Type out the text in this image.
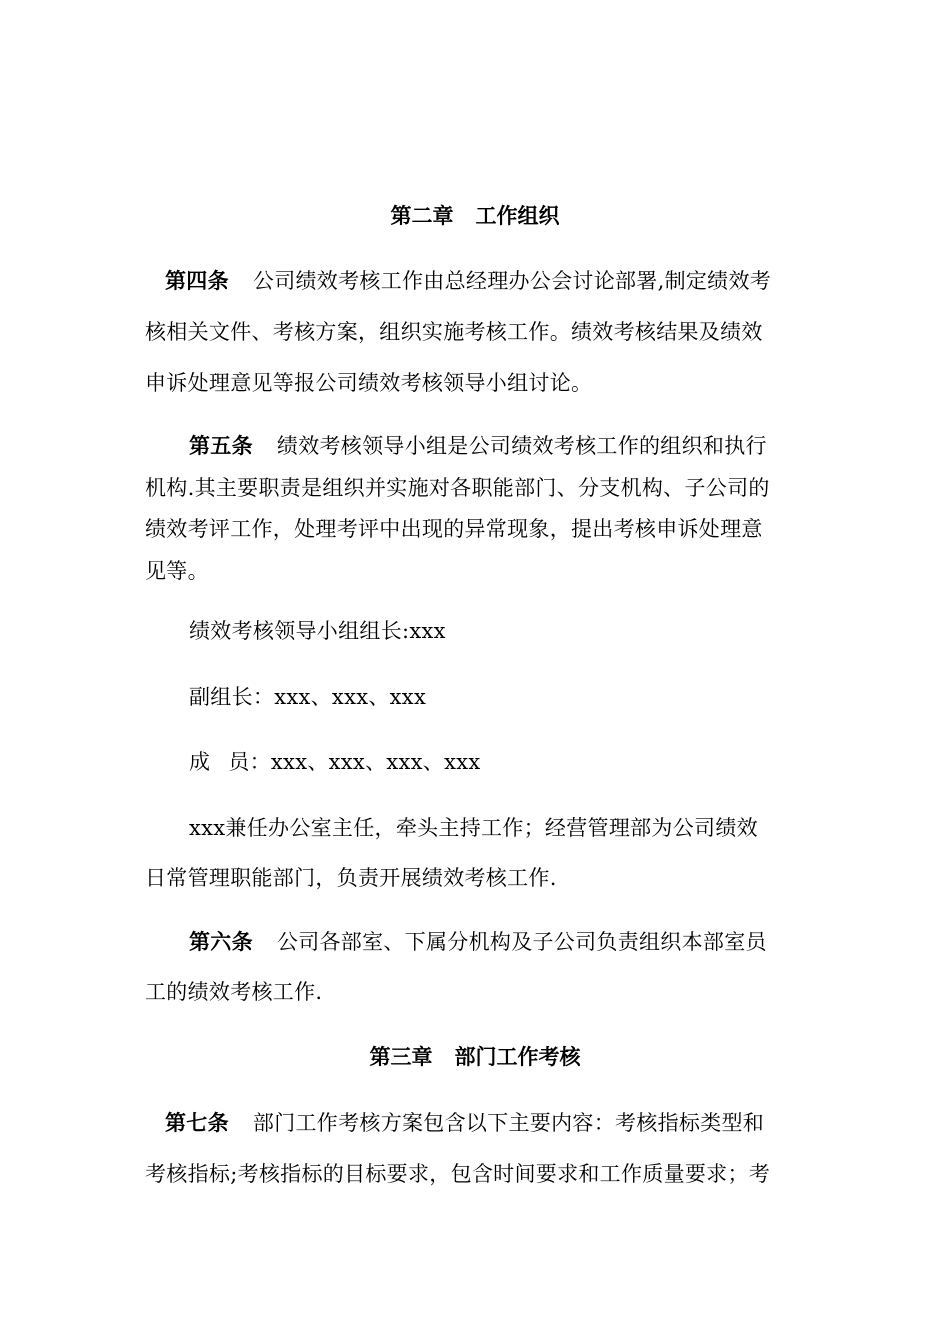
第二章 工作组织
第四条 公司绩效考核工作由总经理办公会讨论部署,制定绩效考
核相关文件、考核方案，组织实施考核工作。绩效考核结果及绩效
申诉处理意见等报公司绩效考核领导小组讨论。
第五条 绩效考核领导小组是公司绩效考核工作的组织和执行
机构.其主要职责是组织并实施对各职能部门、分支机构、子公司的
绩效考评工作，处理考评中出现的异常现象，提出考核申诉处理意
见等。
绩效考核领导小组组长:xxx
副组长：xxx、xxx、xxx
成 员：xxx、xxx、xxx、xxx
xxx兼任办公室主任，牵头主持工作；经营管理部为公司绩效
日常管理职能部门，负责开展绩效考核工作.
第六条 公司各部室、下属分机构及子公司负责组织本部室员
工的绩效考核工作.
第三章 部门工作考核
第七条 部门工作考核方案包含以下主要内容：考核指标类型和
考核指标;考核指标的目标要求，包含时间要求和工作质量要求；考
